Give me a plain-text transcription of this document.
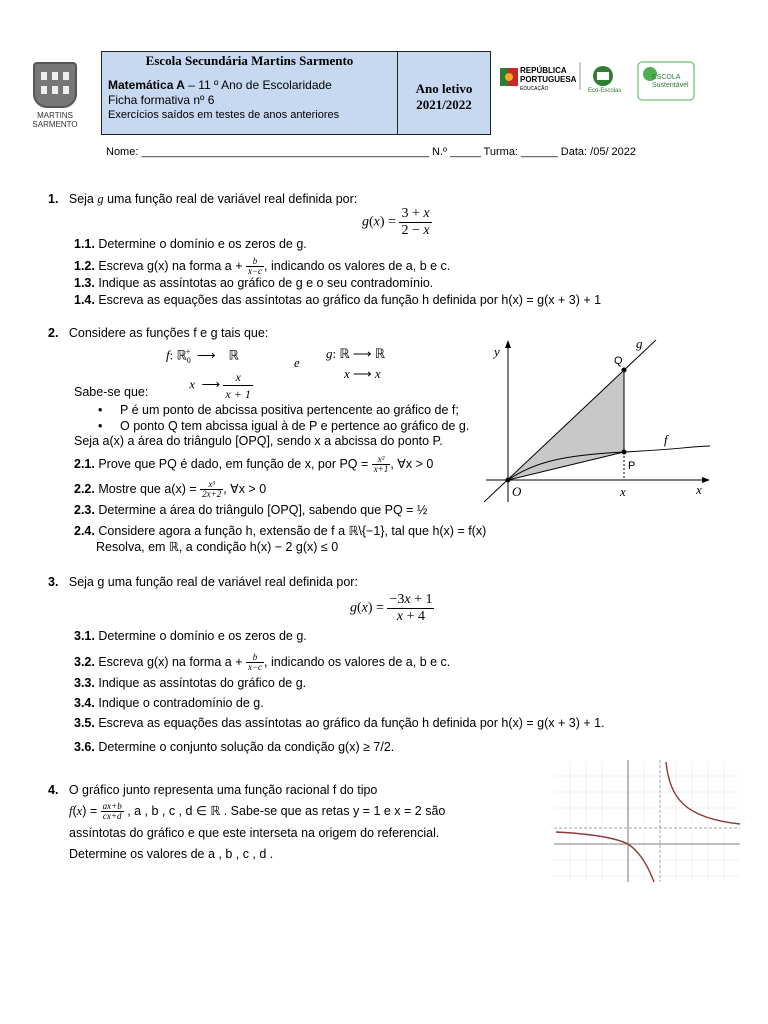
MARTINS SARMENTO
Escola Secundária Martins Sarmento
Matemática A – 11 º Ano de Escolaridade
Ficha formativa nº 6
Exercícios saídos em testes de anos anteriores
Ano letivo
2021/2022
REPÚBLICA PORTUGUESA
EDUCAÇÃO	Eco-Escolas
ESCOLA Sustentável
Nome: _______________________________________________ N.º _____ Turma: ______ Data: /05/ 2022
1. Seja g uma função real de variável real definida por:
$g(x) = \frac{3 + x}{2 - x}$
1.1. Determine o domínio e os zeros de g.
1.2. Escreva g(x) na forma $a + \frac{b}{x-c}$ , indicando os valores de a, b e c.
1.3. Indique as assíntotas ao gráfico de g e o seu contradomínio.
1.4. Escreva as equações das assíntotas ao gráfico da função h definida por h(x) = g(x + 3) + 1
2. Considere as funções f e g tais que:
f: ℝ$_0$+  ⟶    ℝ
x  ⟶ $\frac{x}{x + 1}$
e
g: ℝ ⟶ ℝ
x ⟶ x
Sabe-se que:
• P é um ponto de abcissa positiva pertencente ao gráfico de f;
• O ponto Q tem abcissa igual à de P e pertence ao gráfico de g.
Seja a(x) a área do triângulo [OPQ], sendo x a abcissa do ponto P.
2.1. Prove que PQ é dado, em função de x, por PQ = $\frac{\text{x²}}{x+1}$ , ∀x > 0
2.2. Mostre que $a(x) = \frac{\text{x³}}{2x+2}$ , ∀x > 0
2.3. Determine a área do triângulo [OPQ], sabendo que PQ = ½
2.4. Considere agora a função h, extensão de f a ℝ\{−1}, tal que h(x) = f(x)
Resolva, em ℝ, a condição h(x) − 2 g(x) ≤ 0
y
x
O	x
Q
P
g
f
3. Seja g uma função real de variável real definida por:
$g(x) = \frac{-3x + 1}{x + 4}$
3.1. Determine o domínio e os zeros de g.
3.2. Escreva g(x) na forma $a + \frac{b}{x-c}$ , indicando os valores de a, b e c.
3.3. Indique as assíntotas do gráfico de g.
3.4. Indique o contradomínio de g.
3.5. Escreva as equações das assíntotas ao gráfico da função h definida por h(x) = g(x + 3) + 1.
3.6. Determine o conjunto solução da condição g(x) ≥ 7/2.
4. O gráfico junto representa uma função racional f do tipo
$f(x) = \frac{ax+b}{cx+d}$ , a , b , c , d ∈ ℝ . Sabe-se que as retas y = 1 e x = 2 são
assíntotas do gráfico e que este interseta na origem do referencial.
Determine os valores de a , b , c , d .
